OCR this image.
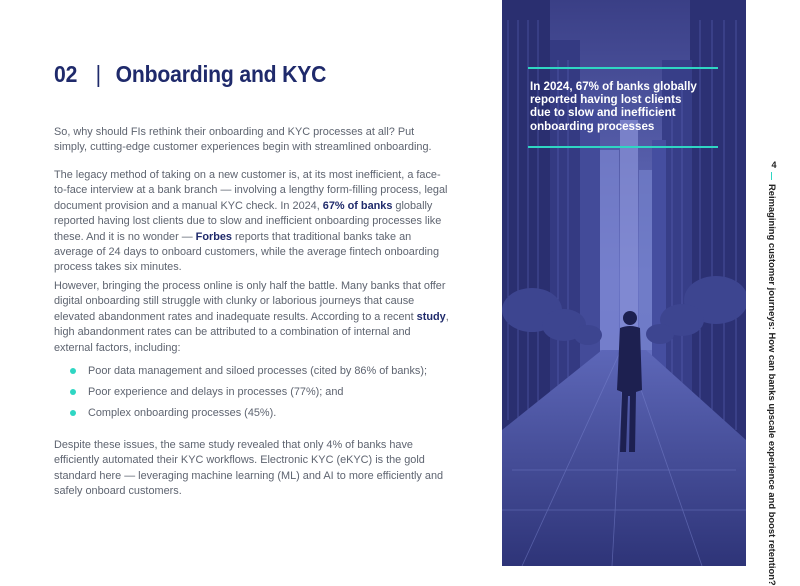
02 | Onboarding and KYC
So, why should FIs rethink their onboarding and KYC processes at all? Put simply, cutting-edge customer experiences begin with streamlined onboarding.
The legacy method of taking on a new customer is, at its most inefficient, a face-to-face interview at a bank branch — involving a lengthy form-filling process, legal document provision and a manual KYC check. In 2024, 67% of banks globally reported having lost clients due to slow and inefficient onboarding processes like these. And it is no wonder — Forbes reports that traditional banks take an average of 24 days to onboard customers, while the average fintech onboarding process takes six minutes.
However, bringing the process online is only half the battle. Many banks that offer digital onboarding still struggle with clunky or laborious journeys that cause elevated abandonment rates and inadequate results. According to a recent study, high abandonment rates can be attributed to a combination of internal and external factors, including:
Poor data management and siloed processes (cited by 86% of banks);
Poor experience and delays in processes (77%); and
Complex onboarding processes (45%).
Despite these issues, the same study revealed that only 4% of banks have efficiently automated their KYC workflows. Electronic KYC (eKYC) is the gold standard here — leveraging machine learning (ML) and AI to more efficiently and safely onboard customers.
In 2024, 67% of banks globally reported having lost clients due to slow and inefficient onboarding processes
4
Reimagining customer journeys: How can banks upscale experience and boost retention?
